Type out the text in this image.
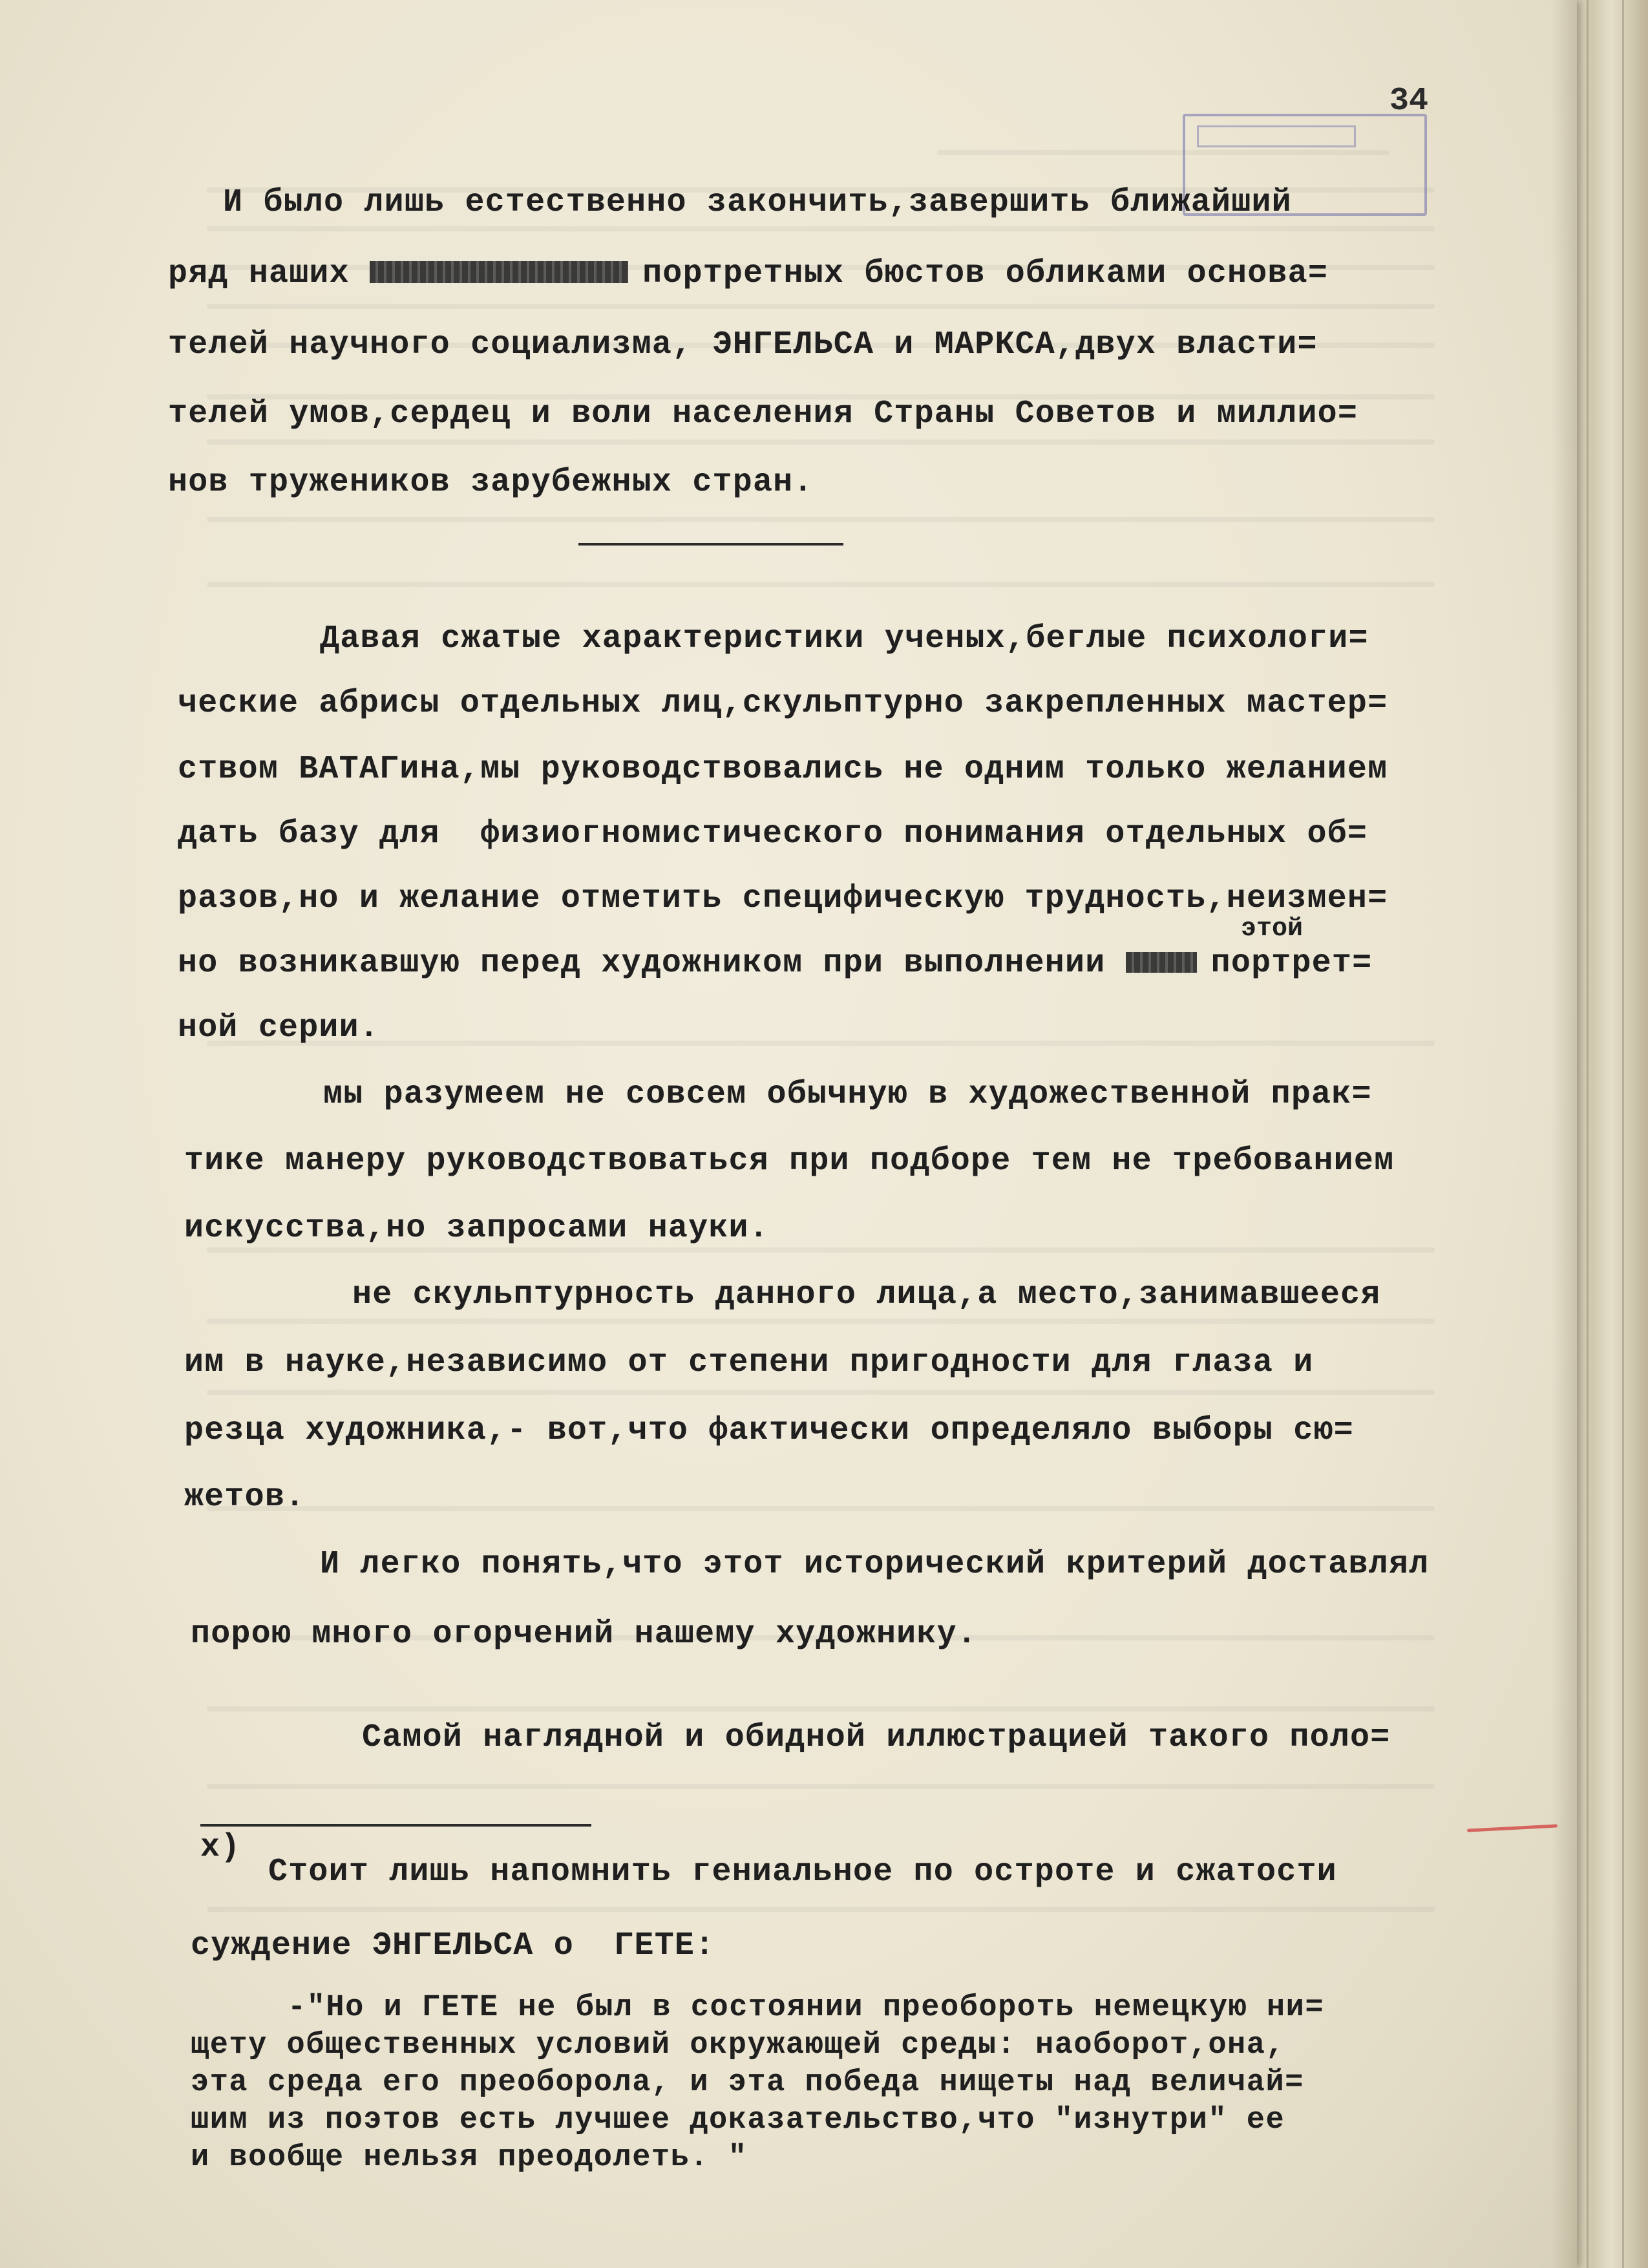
34
И было лишь естественно закончить,завершить ближайший
ряд наших	портретных бюстов обликами основа=
телей научного социализма, ЭНГЕЛЬСА и МАРКСА,двух власти=
телей умов,сердец и воли населения Страны Советов и миллио=
нов тружеников зарубежных стран.
Давая сжатые характеристики ученых,беглые психологи=
ческие абрисы отдельных лиц,скульптурно закрепленных мастер=
ством ВАТАГина,мы руководствовались не одним только желанием
дать базу для  физиогномистического понимания отдельных об=
разов,но и желание отметить специфическую трудность,неизмен=
этой
но возникавшую перед художником при выполнении	портрет=
ной серии.
мы разумеем не совсем обычную в художественной прак=
тике манеру руководствоваться при подборе тем не требованием
искусства,но запросами науки.
не скульптурность данного лица,а место,занимавшееся
им в науке,независимо от степени пригодности для глаза и
резца художника,- вот,что фактически определяло выборы сю=
жетов.
И легко понять,что этот исторический критерий доставлял
порою много огорчений нашему художнику.
Самой наглядной и обидной иллюстрацией такого поло=
х)
Стоит лишь напомнить гениальное по остроте и сжатости
суждение ЭНГЕЛЬСА о  ГЕТЕ:
-"Но и ГЕТЕ не был в состоянии преоборoть немецкую ни=
щету общественных условий окружающей среды: наоборот,она,
эта среда его преоборола, и эта победа нищеты над величай=
шим из поэтов есть лучшее доказательство,что "изнутри" ее
и вообще нельзя преодолеть. "
